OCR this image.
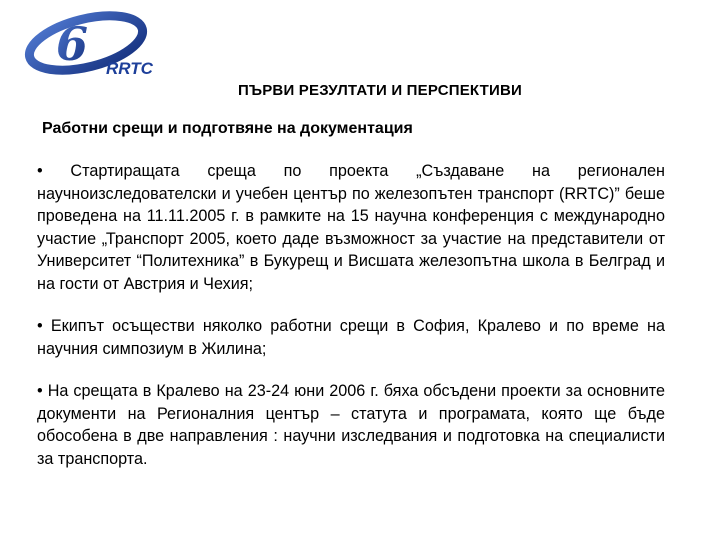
6 RRTC
ПЪРВИ РЕЗУЛТАТИ И ПЕРСПЕКТИВИ
Работни срещи и подготвяне на документация

• Стартиращата среща по проекта „Създаване на регионален научноизследователски и учебен център по железопътен транспорт (RRTC)” беше проведена на 11.11.2005 г. в рамките на 15 научна конференция с международно участие „Транспорт 2005, което даде възможност за участие на представители от Университет “Политехника” в Букурещ и Висшата железопътна школа в Белград и на гости от Австрия и Чехия;

• Екипът осъществи няколко работни срещи в София, Кралево и по време на научния симпозиум в Жилина;

• На срещата в Кралево на 23-24 юни 2006 г. бяха обсъдени проекти за основните документи на Регионалния център – статута и програмата, която ще бъде обособена в две направления : научни изследвания и подготовка на специалисти за транспорта.
